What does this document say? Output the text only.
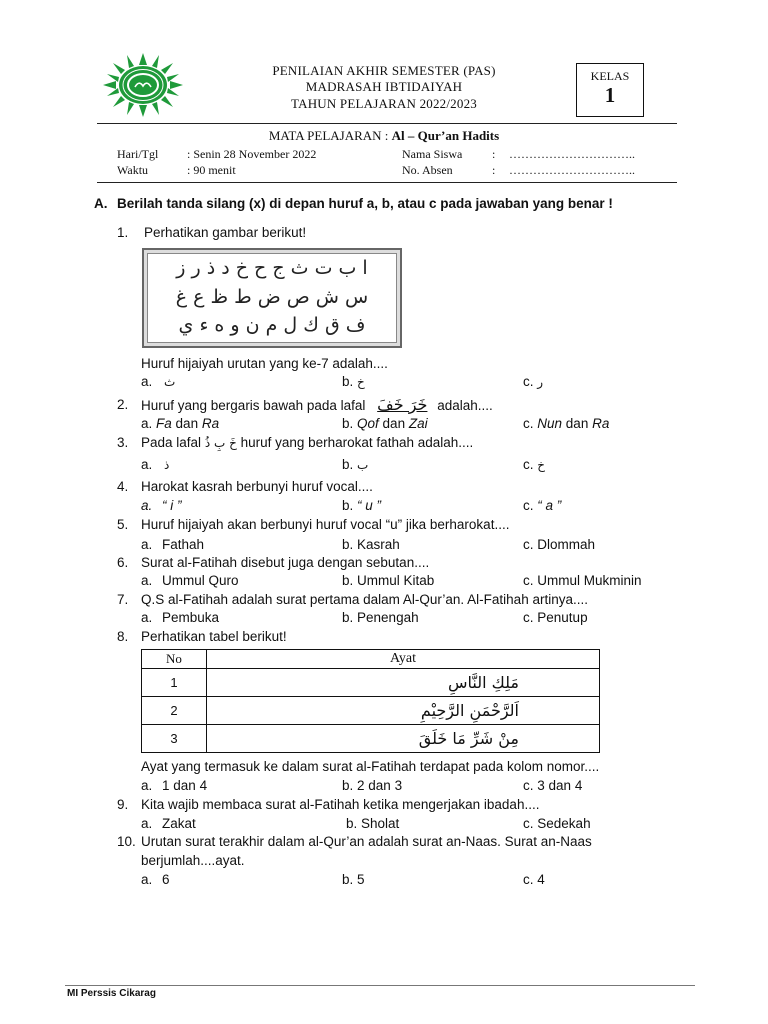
PENILAIAN AKHIR SEMESTER (PAS)
MADRASAH IBTIDAIYAH
TAHUN PELAJARAN 2022/2023
KELAS
1
MATA PELAJARAN : Al – Qur’an Hadits
Hari/Tgl : Senin 28 November 2022
Waktu	: 90 menit
Nama Siswa : …………………………..
No. Absen	: …………………………..
A. Berilah tanda silang (x) di depan huruf a, b, atau c pada jawaban yang benar !
1. Perhatikan gambar berikut!
ا ب ت ث ج ح خ د ذ ر ز
س ش ص ض ط ظ ع غ
ف ق ك ل م ن و ه ء ي
Huruf hijaiyah urutan yang ke-7 adalah....
a. ث	b. خ	c. ر
2. Huruf yang bergaris bawah pada lafal خَرَ خَفَ adalah....
a. Fa dan Ra	b. Qof dan Zai	c. Nun dan Ra
3. Pada lafal خَ بِ ذُ huruf yang berharokat fathah adalah....
a. ذ	b. ب	c. خ
4. Harokat kasrah berbunyi huruf vocal....
a. “ i ”	b. “ u ”	c. “ a ”
5. Huruf hijaiyah akan berbunyi huruf vocal “u” jika berharokat....
a. Fathah	b. Kasrah	c. Dlommah
6. Surat al-Fatihah disebut juga dengan sebutan....
a. Ummul Quro	b. Ummul Kitab	c. Ummul Mukminin
7. Q.S al-Fatihah adalah surat pertama dalam Al-Qur’an. Al-Fatihah artinya....
a. Pembuka	b. Penengah	c. Penutup
8. Perhatikan tabel berikut!
No	Ayat
1	مَلِكِ النَّاسِ
2	اَلرَّحْمَنِ الرَّحِيْمِ
3	مِنْ شَرِّ مَا خَلَقَ
Ayat yang termasuk ke dalam surat al-Fatihah terdapat pada kolom nomor....
a. 1 dan 4	b. 2 dan 3	c. 3 dan 4
9. Kita wajib membaca surat al-Fatihah ketika mengerjakan ibadah....
a. Zakat	b. Sholat	c. Sedekah
10. Urutan surat terakhir dalam al-Qur’an adalah surat an-Naas. Surat an-Naas
berjumlah....ayat.
a. 6	b. 5	c. 4
MI Perssis Cikarag
